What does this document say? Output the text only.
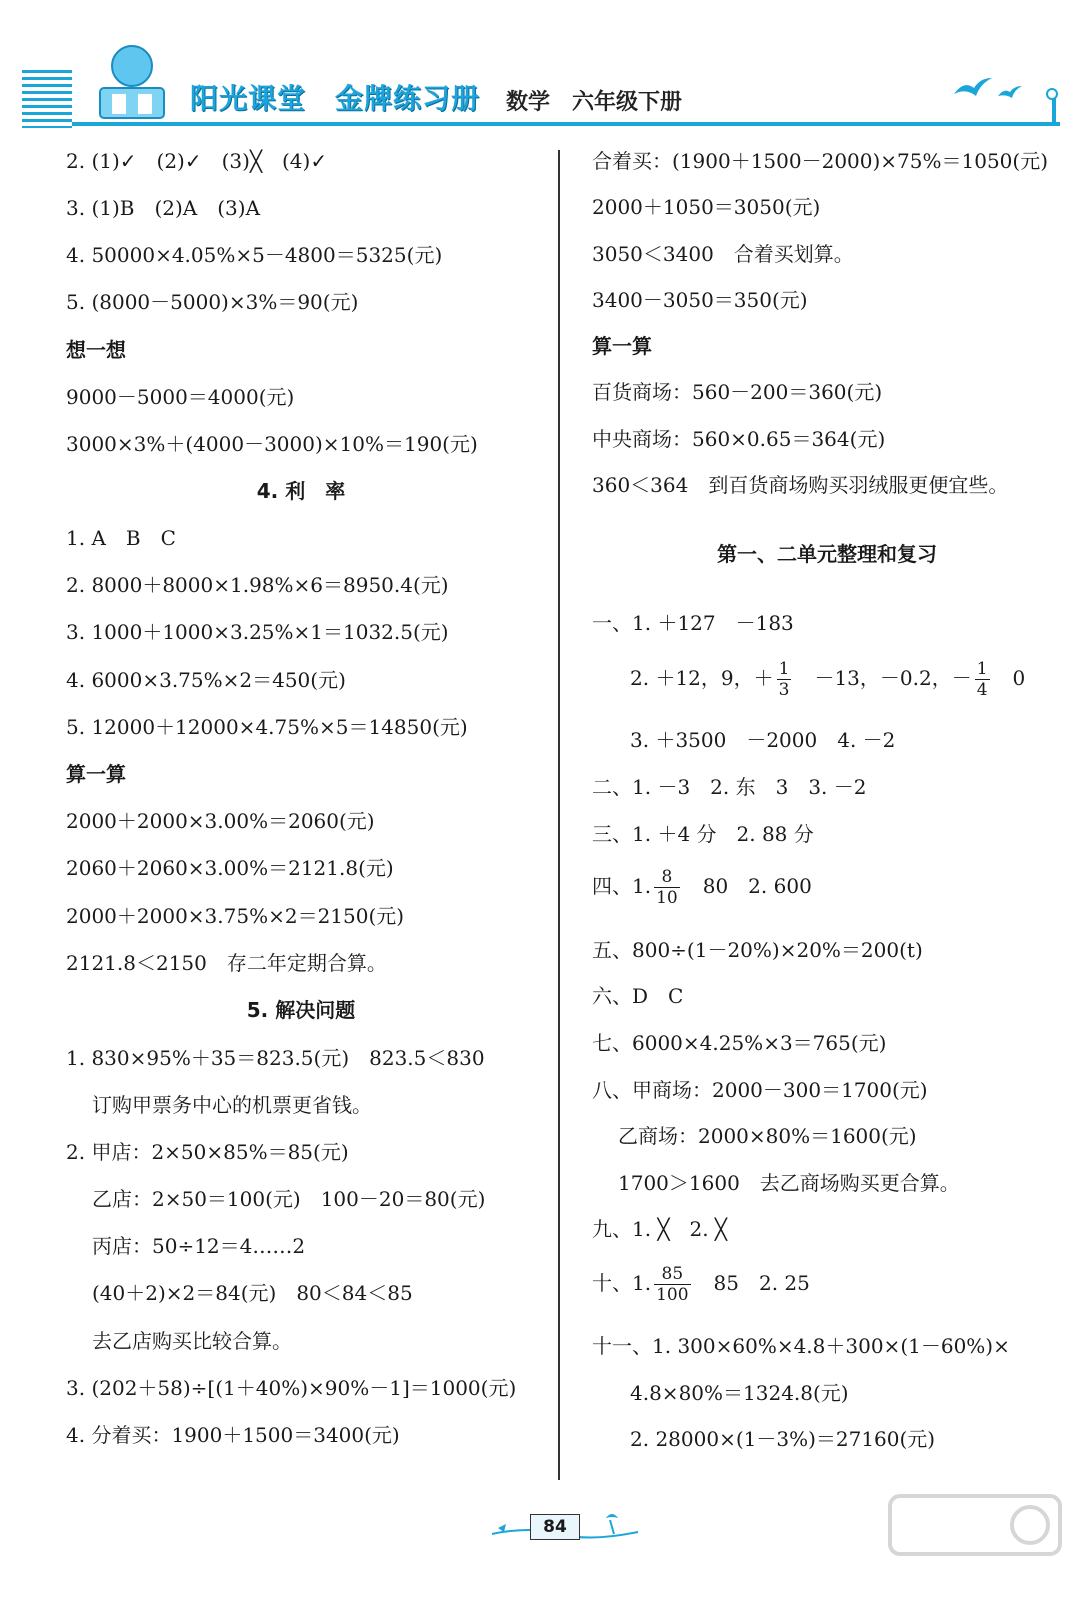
阳光课堂　金牌练习册 数学　六年级下册
2. (1)✓　(2)✓　(3)╳　(4)✓
3. (1)B　(2)A　(3)A
4. 50000×4.05%×5－4800＝5325(元)
5. (8000－5000)×3%＝90(元)
想一想
9000－5000＝4000(元)
3000×3%＋(4000－3000)×10%＝190(元)
4. 利　率
1. A　B　C
2. 8000＋8000×1.98%×6＝8950.4(元)
3. 1000＋1000×3.25%×1＝1032.5(元)
4. 6000×3.75%×2＝450(元)
5. 12000＋12000×4.75%×5＝14850(元)
算一算
2000＋2000×3.00%＝2060(元)
2060＋2060×3.00%＝2121.8(元)
2000＋2000×3.75%×2＝2150(元)
2121.8＜2150　存二年定期合算。
5. 解决问题
1. 830×95%＋35＝823.5(元)　823.5＜830
订购甲票务中心的机票更省钱。
2. 甲店：2×50×85%＝85(元)
乙店：2×50＝100(元)　100－20＝80(元)
丙店：50÷12＝4……2
(40＋2)×2＝84(元)　80＜84＜85
去乙店购买比较合算。
3. (202＋58)÷[(1＋40%)×90%－1]＝1000(元)
4. 分着买：1900＋1500＝3400(元)
合着买：(1900＋1500－2000)×75%＝1050(元)
2000＋1050＝3050(元)
3050＜3400　合着买划算。
3400－3050＝350(元)
算一算
百货商场：560－200＝360(元)
中央商场：560×0.65＝364(元)
360＜364　到百货商场购买羽绒服更便宜些。
第一、二单元整理和复习
一、1. ＋127　－183
2. ＋12，9，＋ $\frac{1}{3}$
　 －13，－0.2，－ $\frac{1}{4}$
　 0
3. ＋3500　－2000　4. －2
二、1. －3　2. 东　3　3. －2
三、1. ＋4 分　2. 88 分
四、1. $\frac{8}{10}$
　 80　2. 600
五、800÷(1－20%)×20%＝200(t)
六、D　C
七、6000×4.25%×3＝765(元)
八、甲商场：2000－300＝1700(元)
乙商场：2000×80%＝1600(元)
1700＞1600　去乙商场购买更合算。
九、1. ╳　2. ╳
十、1. $\frac{85}{100}$
　 85　2. 25
十一、1. 300×60%×4.8＋300×(1－60%)×
4.8×80%＝1324.8(元)
2. 28000×(1－3%)＝27160(元)
84
